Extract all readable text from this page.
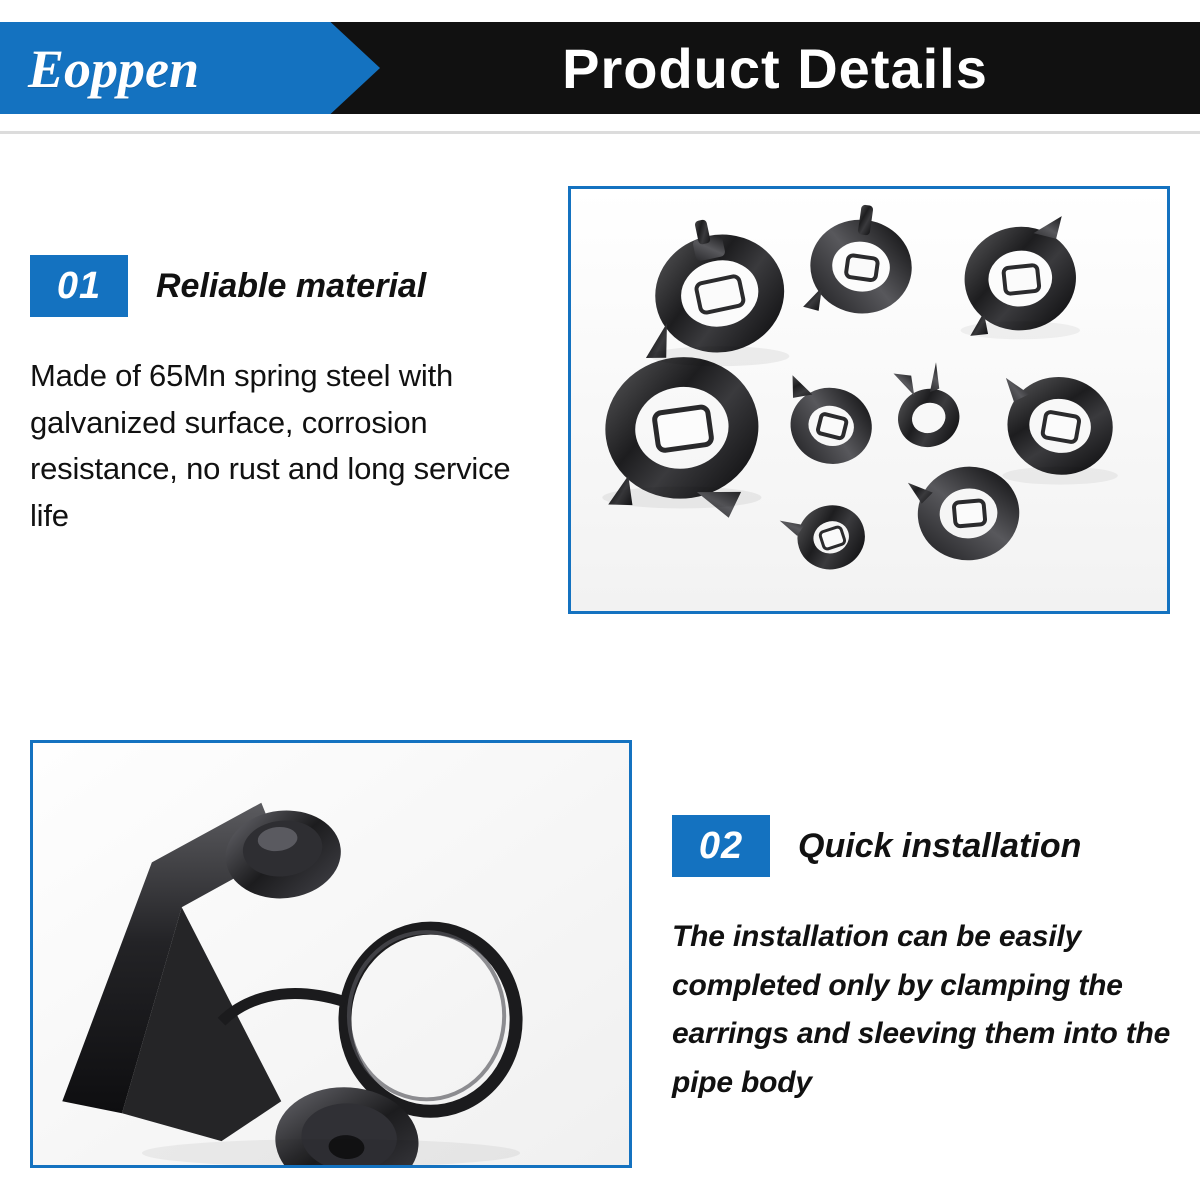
Eoppen	Product Details
01	Reliable material
Made of 65Mn spring steel with galvanized surface, corrosion resistance, no rust and long service life
02	Quick installation
The installation can be easily completed only by clamping the earrings and sleeving them into the pipe body
